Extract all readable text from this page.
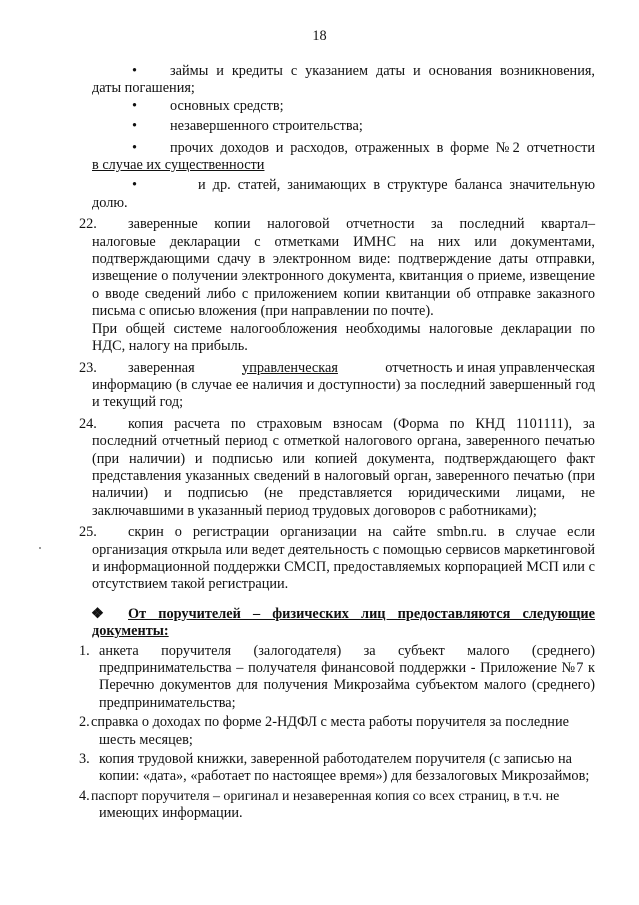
18
•	займы и кредиты с указанием даты и основания возникновения,
даты погашения;
•	основных средств;
•	незавершенного строительства;
•	прочих доходов и расходов, отраженных в форме №2 отчетности
в случае их существенности
•	и др. статей, занимающих в структуре баланса значительную
долю.
22.	заверенные копии налоговой отчетности за последний квартал–
налоговые декларации с отметками ИМНС на них или документами, подтверждающими сдачу в электронном виде: подтверждение даты отправки, извещение о получении электронного документа, квитанция о приеме, извещение о вводе сведений либо с приложением копии квитанции об отправке заказного письма с описью вложения (при направлении по почте).
При общей системе налогообложения необходимы налоговые декларации по НДС, налогу на прибыль.
23. заверенная	управленческая	отчетность и иная управленческая
информацию (в случае ее наличия и доступности) за последний завершенный год и текущий год;
24.	копия расчета по страховым взносам (Форма по КНД 1101111), за
последний отчетный период с отметкой налогового органа, заверенного печатью (при наличии) и подписью или копией документа, подтверждающего факт представления указанных сведений в налоговый орган, заверенного печатью (при наличии) и подписью (не представляется юридическими лицами, не заключавшими в указанный период трудовых договоров с работниками);
25.	скрин о регистрации организации на сайте smbn.ru. в случае если
организация открыла или ведет деятельность с помощью сервисов маркетинговой и информационной поддержки СМСП, предоставляемых корпорацией МСП или с отсутствием такой регистрации.
❖	От поручителей – физических лиц предоставляются следующие
документы:
1. анкета поручителя (залогодателя) за субъект малого (среднего)
предпринимательства – получателя финансовой поддержки - Приложение №7 к Перечню документов для получения Микрозайма субъектом малого (среднего) предпринимательства;
2. справка о доходах по форме 2-НДФЛ с места работы поручителя за последние
шесть месяцев;
3. копия трудовой книжки, заверенной работодателем поручителя (с записью на
копии: «дата», «работает по настоящее время») для беззалоговых Микрозаймов;
4. паспорт поручителя – оригинал и незаверенная копия со всех страниц, в т.ч. не
имеющих информации.
